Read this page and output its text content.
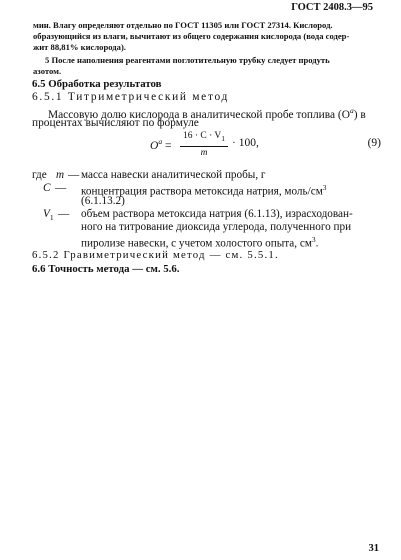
ГОСТ 2408.3—95
мин. Влагу определяют отдельно по ГОСТ 11305 или ГОСТ 27314. Кислород.
образующийся из влаги, вычитают из общего содержания кислорода (вода содер-
жит 88,81% кислорода).
5 После наполнения реагентами поглотительную трубку следует продуть
азотом.
6.5 Обработка результатов
6.5.1 Титриметрический метод
Массовую долю кислорода в аналитической пробе топлива $(O^a)$ в
процентах вычисляют по формуле
$O^a = \frac{16 \cdot C \cdot V_1}{m} \cdot 100$,	(9)
где m — масса навески аналитической пробы, г
C — концентрация раствора метоксида натрия, моль/$см^3$
(6.1.13.2)
$V_1$ — объем раствора метоксида натрия (6.1.13), израсходован-
ного на титрование диоксида углерода, полученного при
пиролизе навески, с учетом холостого опыта, $см^3$.
6.5.2 Гравиметрический метод — см. 5.5.1.
6.6 Точность метода — см. 5.6.
31
